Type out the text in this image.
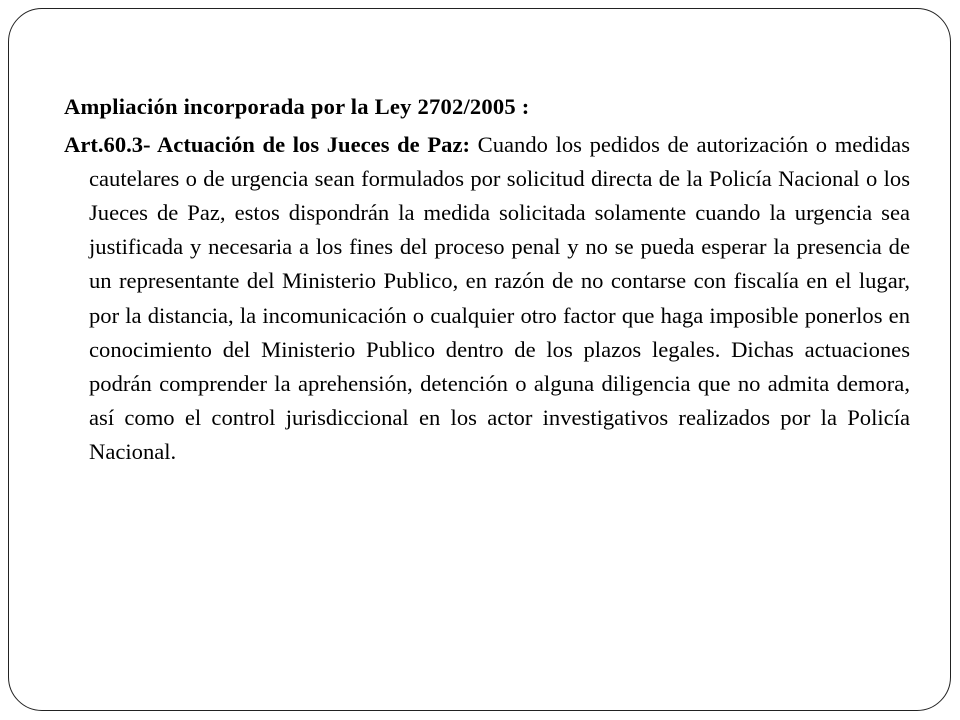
Ampliación incorporada por la Ley 2702/2005 :

Art.60.3- Actuación de los Jueces de Paz: Cuando los pedidos de autorización o medidas cautelares o de urgencia sean formulados por solicitud directa de la Policía Nacional o los Jueces de Paz, estos dispondrán la medida solicitada solamente cuando la urgencia sea justificada y necesaria a los fines del proceso penal y no se pueda esperar la presencia de un representante del Ministerio Publico, en razón de no contarse con fiscalía en el lugar, por la distancia, la incomunicación o cualquier otro factor que haga imposible ponerlos en conocimiento del Ministerio Publico dentro de los plazos legales. Dichas actuaciones podrán comprender la aprehensión, detención o alguna diligencia que no admita demora, así como el control jurisdiccional en los actor investigativos realizados por la Policía Nacional.
